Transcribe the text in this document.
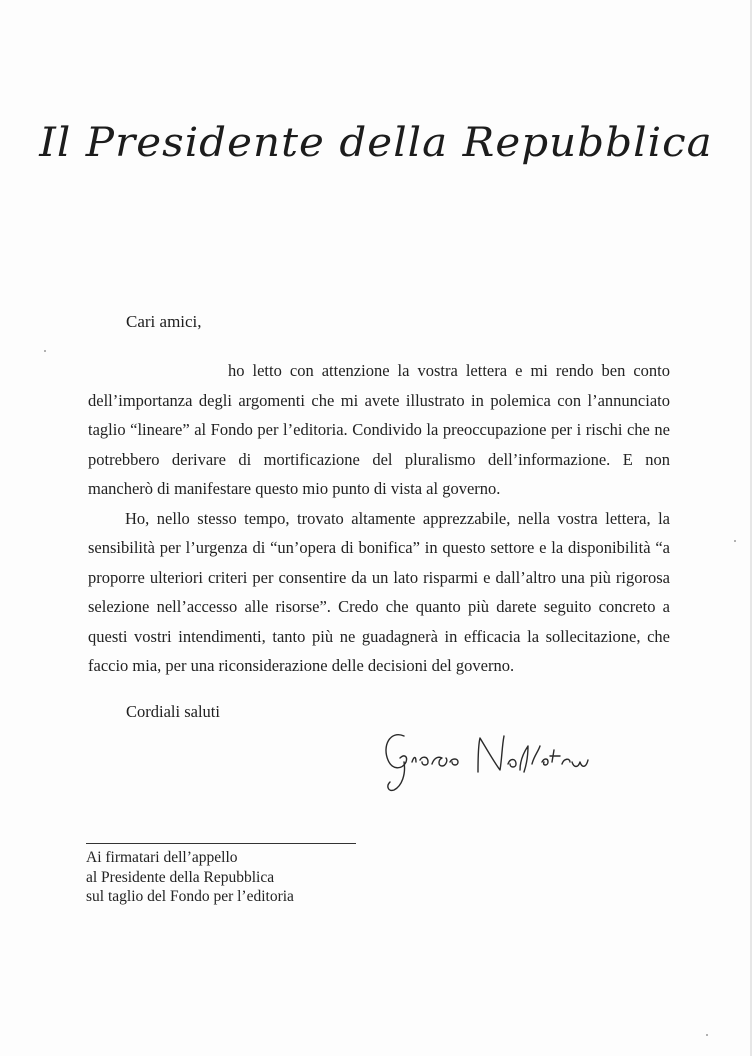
Il Presidente della Repubblica
Cari amici,

ho letto con attenzione la vostra lettera e mi rendo ben conto dell’importanza degli argomenti che mi avete illustrato in polemica con l’annunciato taglio “lineare” al Fondo per l’editoria. Condivido la preoccupazione per i rischi che ne potrebbero derivare di mortificazione del pluralismo dell’informazione. E non mancherò di manifestare questo mio punto di vista al governo.

Ho, nello stesso tempo, trovato altamente apprezzabile, nella vostra lettera, la sensibilità per l’urgenza di “un’opera di bonifica” in questo settore e la disponibilità “a proporre ulteriori criteri per consentire da un lato risparmi e dall’altro una più rigorosa selezione nell’accesso alle risorse”. Credo che quanto più darete seguito concreto a questi vostri intendimenti, tanto più ne guadagnerà in efficacia la sollecitazione, che faccio mia, per una riconsiderazione delle decisioni del governo.

Cordiali saluti
Ai firmatari dell’appello
al Presidente della Repubblica
sul taglio del Fondo per l’editoria
